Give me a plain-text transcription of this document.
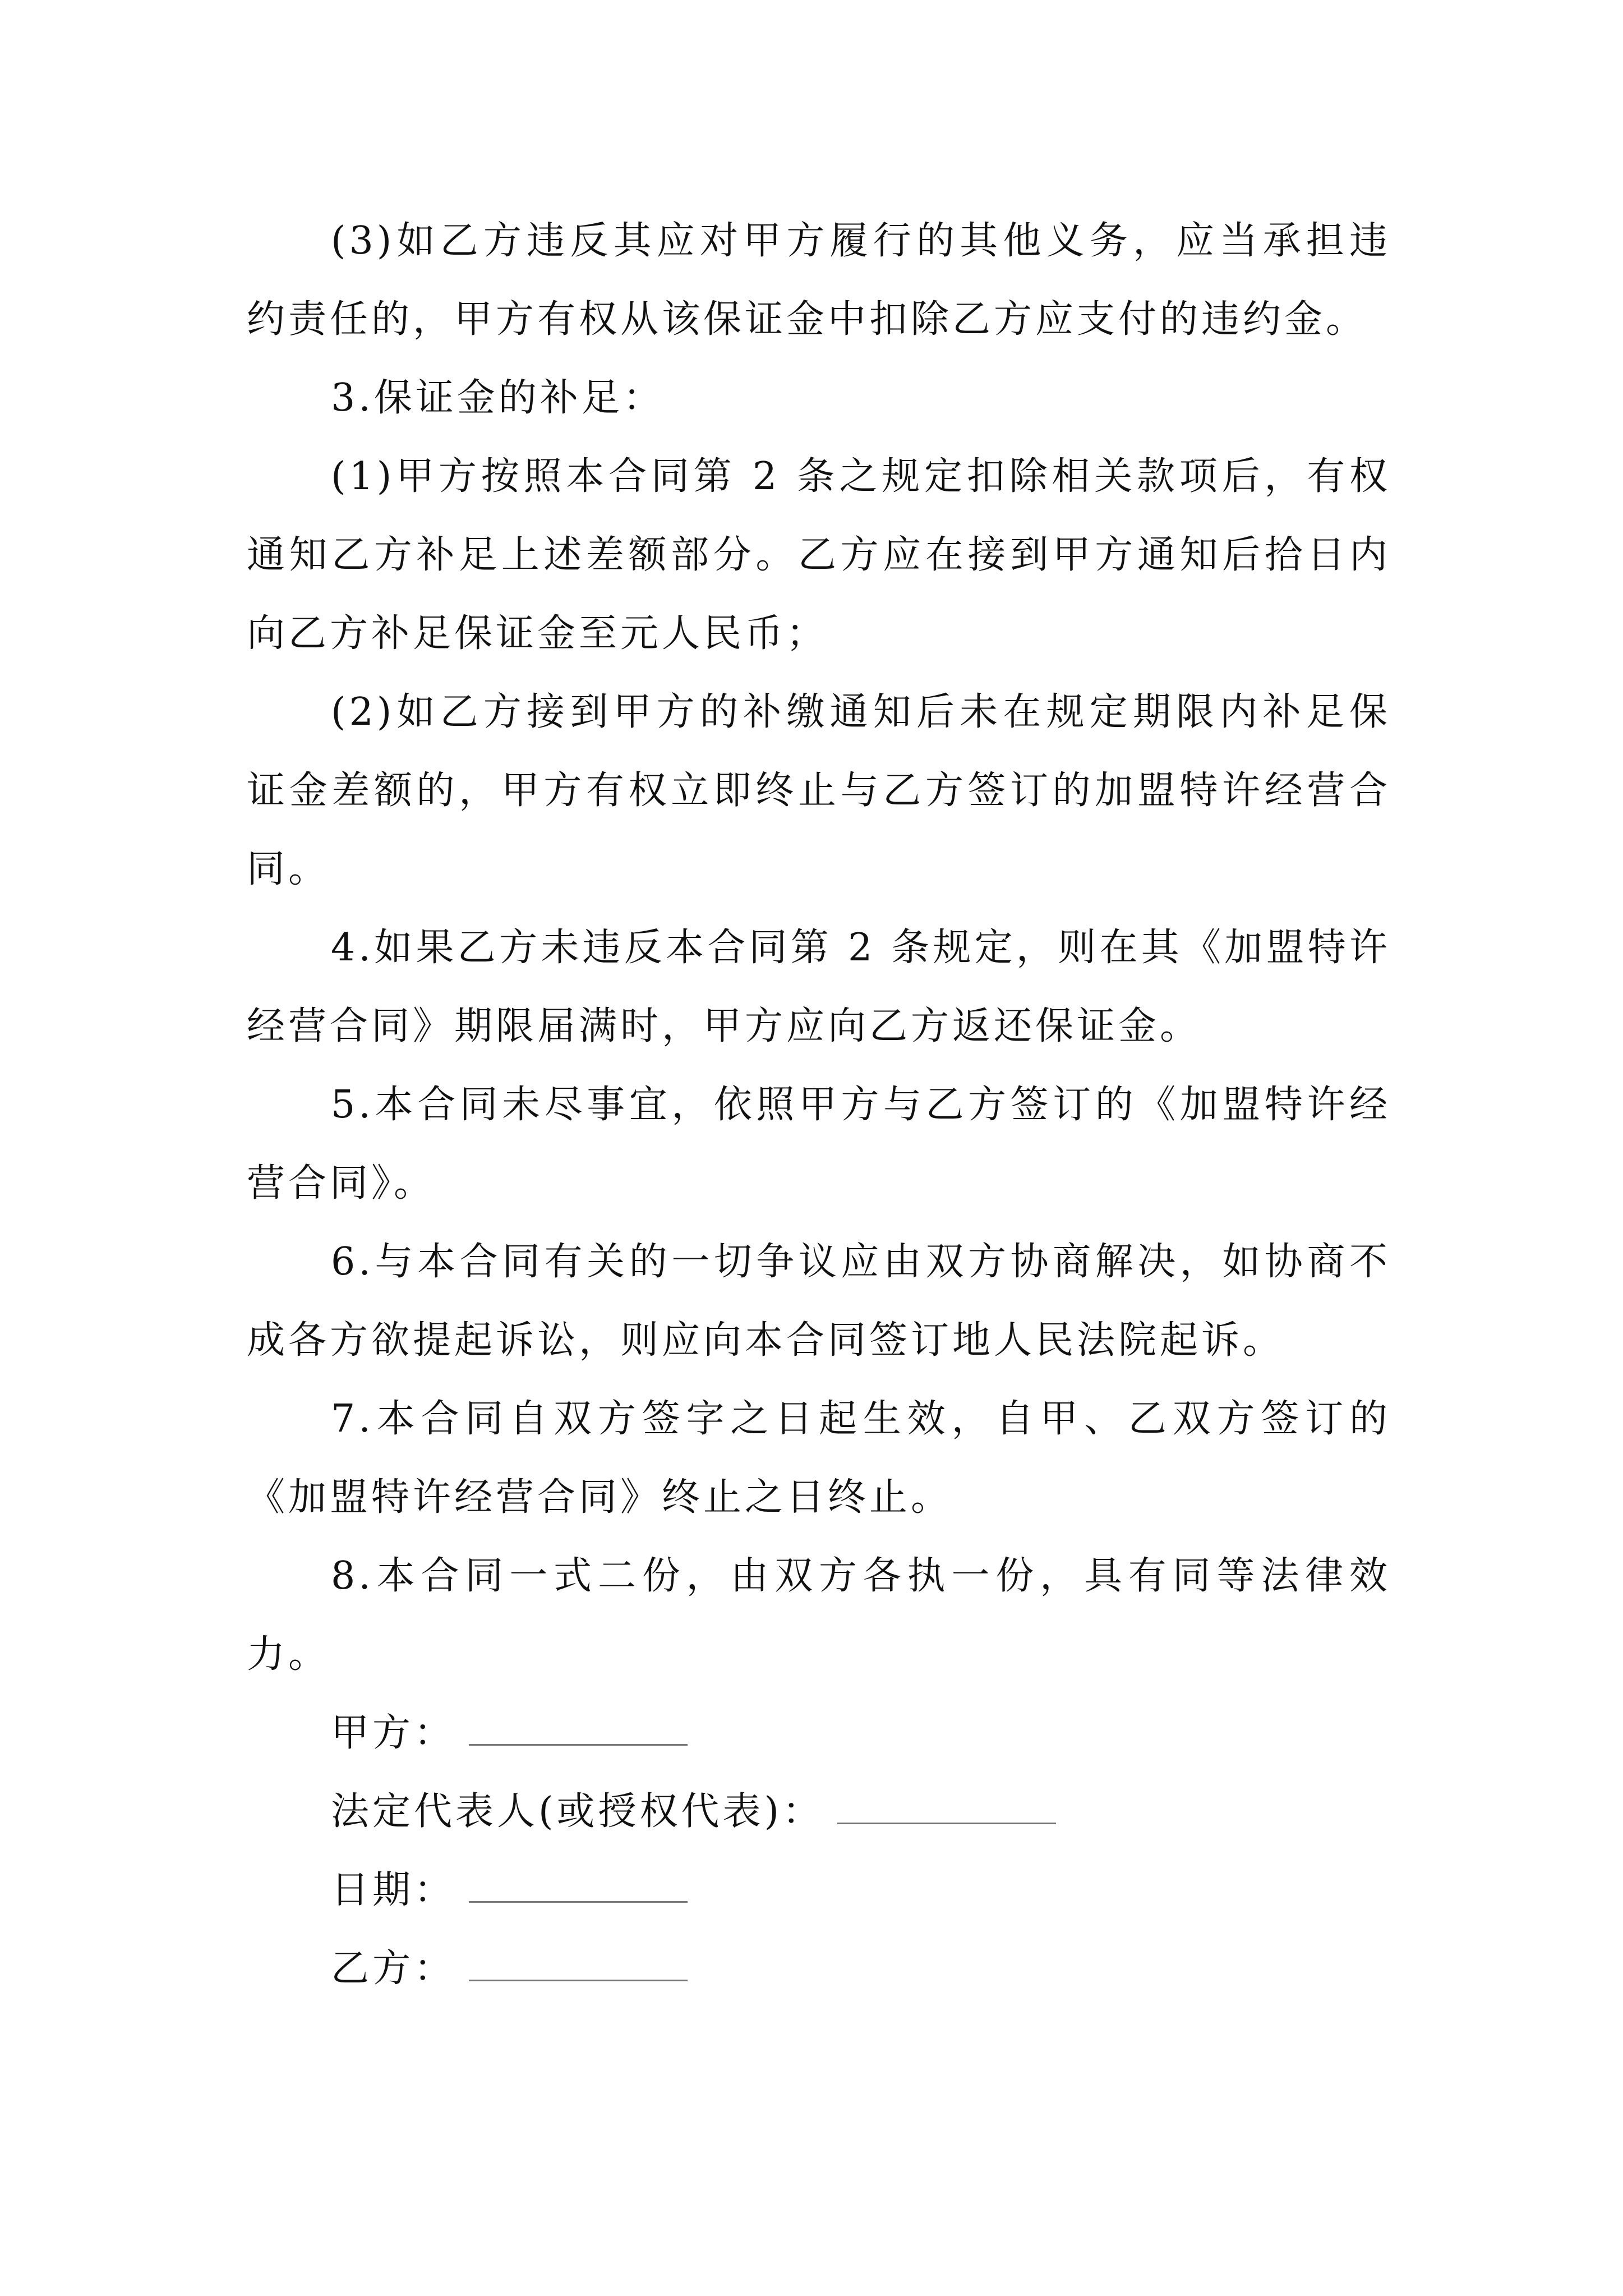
(3)如乙方违反其应对甲方履行的其他义务，应当承担违约责任的，甲方有权从该保证金中扣除乙方应支付的违约金。

3.保证金的补足：

(1)甲方按照本合同第 2 条之规定扣除相关款项后，有权通知乙方补足上述差额部分。乙方应在接到甲方通知后拾日内向乙方补足保证金至元人民币；

(2)如乙方接到甲方的补缴通知后未在规定期限内补足保证金差额的，甲方有权立即终止与乙方签订的加盟特许经营合同。

4.如果乙方未违反本合同第 2 条规定，则在其《加盟特许经营合同》期限届满时，甲方应向乙方返还保证金。

5.本合同未尽事宜，依照甲方与乙方签订的《加盟特许经营合同》。

6.与本合同有关的一切争议应由双方协商解决，如协商不成各方欲提起诉讼，则应向本合同签订地人民法院起诉。

7.本合同自双方签字之日起生效，自甲、乙双方签订的《加盟特许经营合同》终止之日终止。

8.本合同一式二份，由双方各执一份，具有同等法律效力。

甲方：

法定代表人(或授权代表)：

日期：

乙方：
